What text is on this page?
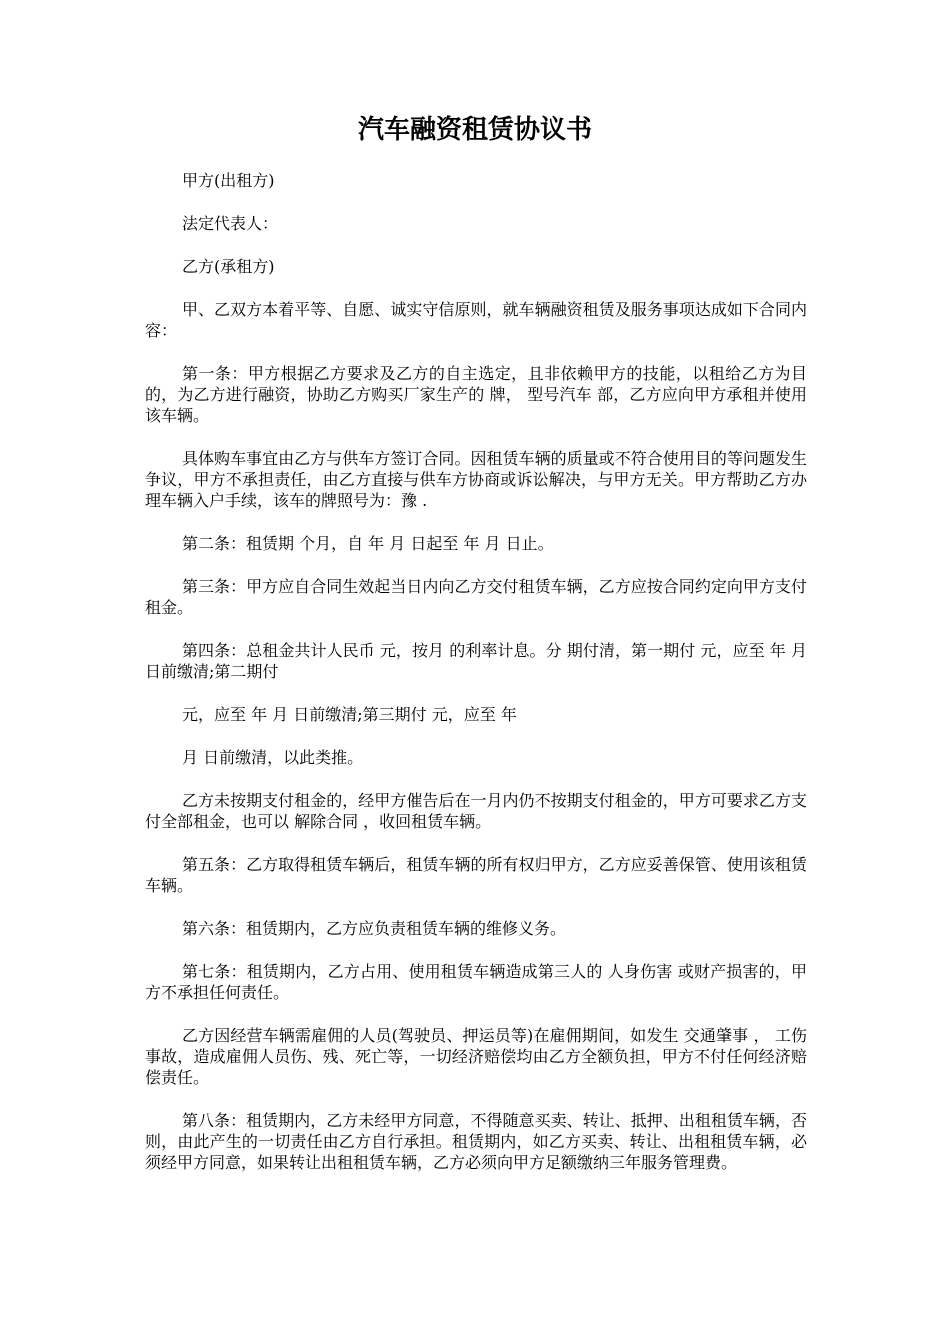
汽车融资租赁协议书

甲方(出租方)

法定代表人：

乙方(承租方)

甲、乙双方本着平等、自愿、诚实守信原则，就车辆融资租赁及服务事项达成如下合同内容：

第一条：甲方根据乙方要求及乙方的自主选定，且非依赖甲方的技能，以租给乙方为目的，为乙方进行融资，协助乙方购买厂家生产的 牌， 型号汽车 部，乙方应向甲方承租并使用该车辆。

具体购车事宜由乙方与供车方签订合同。因租赁车辆的质量或不符合使用目的等问题发生争议，甲方不承担责任，由乙方直接与供车方协商或诉讼解决，与甲方无关。甲方帮助乙方办理车辆入户手续，该车的牌照号为：豫 .

第二条：租赁期 个月，自 年 月 日起至 年 月 日止。

第三条：甲方应自合同生效起当日内向乙方交付租赁车辆，乙方应按合同约定向甲方支付租金。

第四条：总租金共计人民币 元，按月 的利率计息。分 期付清，第一期付 元，应至 年 月 日前缴清;第二期付

元，应至 年 月 日前缴清;第三期付 元，应至 年

月 日前缴清，以此类推。

乙方未按期支付租金的，经甲方催告后在一月内仍不按期支付租金的，甲方可要求乙方支付全部租金，也可以 解除合同 ，收回租赁车辆。

第五条：乙方取得租赁车辆后，租赁车辆的所有权归甲方，乙方应妥善保管、使用该租赁车辆。

第六条：租赁期内，乙方应负责租赁车辆的维修义务。

第七条：租赁期内，乙方占用、使用租赁车辆造成第三人的 人身伤害 或财产损害的，甲方不承担任何责任。

乙方因经营车辆需雇佣的人员(驾驶员、押运员等)在雇佣期间，如发生 交通肇事 ， 工伤 事故，造成雇佣人员伤、残、死亡等，一切经济赔偿均由乙方全额负担，甲方不付任何经济赔偿责任。

第八条：租赁期内，乙方未经甲方同意，不得随意买卖、转让、抵押、出租租赁车辆，否则，由此产生的一切责任由乙方自行承担。租赁期内，如乙方买卖、转让、出租租赁车辆，必须经甲方同意，如果转让出租租赁车辆，乙方必须向甲方足额缴纳三年服务管理费。
